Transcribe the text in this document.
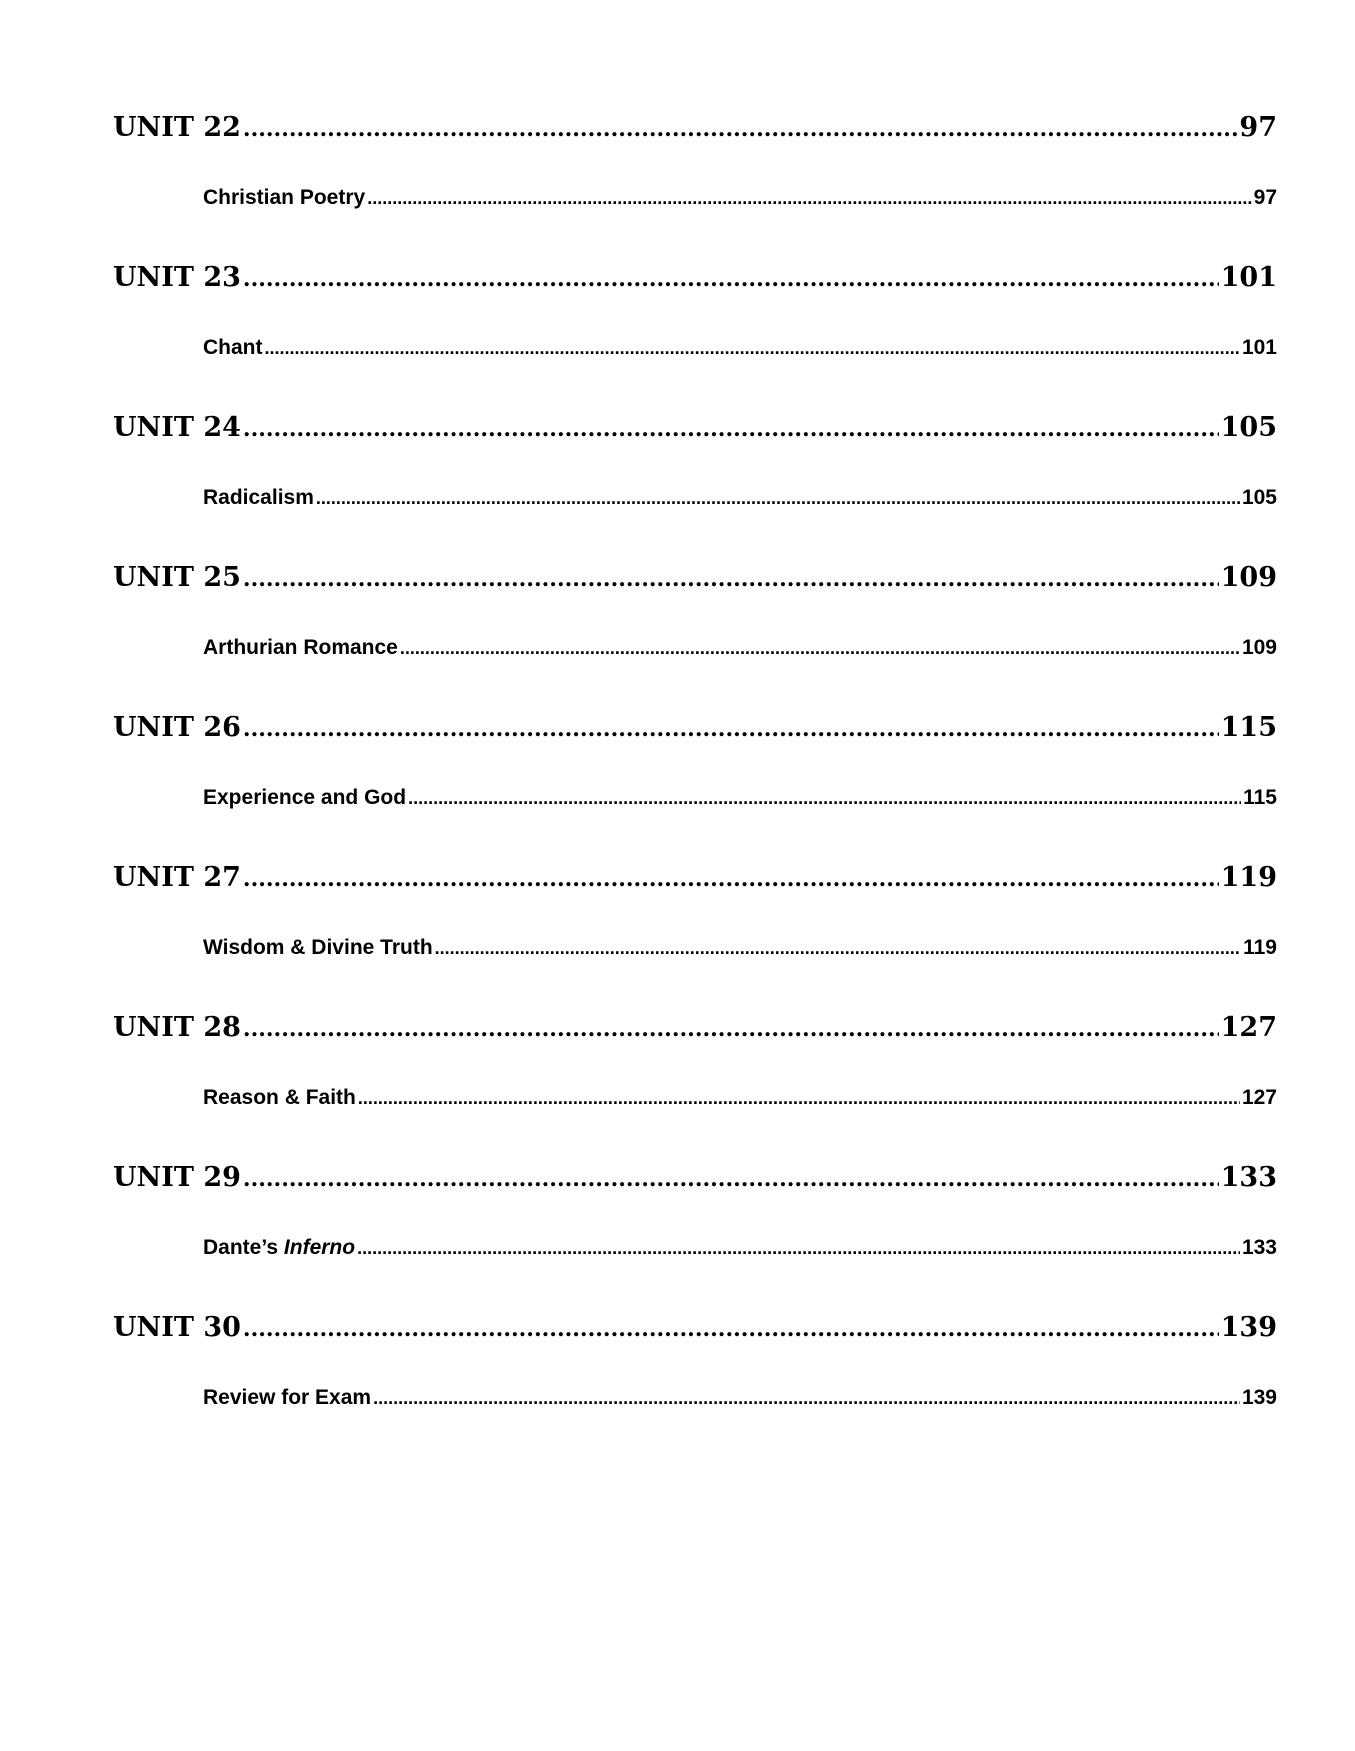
UNIT 22 .....	97
Christian Poetry .....	97
UNIT 23 .....	101
Chant .....	101
UNIT 24 .....	105
Radicalism .....	105
UNIT 25 .....	109
Arthurian Romance .....	109
UNIT 26 .....	115
Experience and God .....	115
UNIT 27 .....	119
Wisdom & Divine Truth .....	119
UNIT 28 .....	127
Reason & Faith .....	127
UNIT 29 .....	133
Dante’s Inferno .....	133
UNIT 30 .....	139
Review for Exam .....	139
